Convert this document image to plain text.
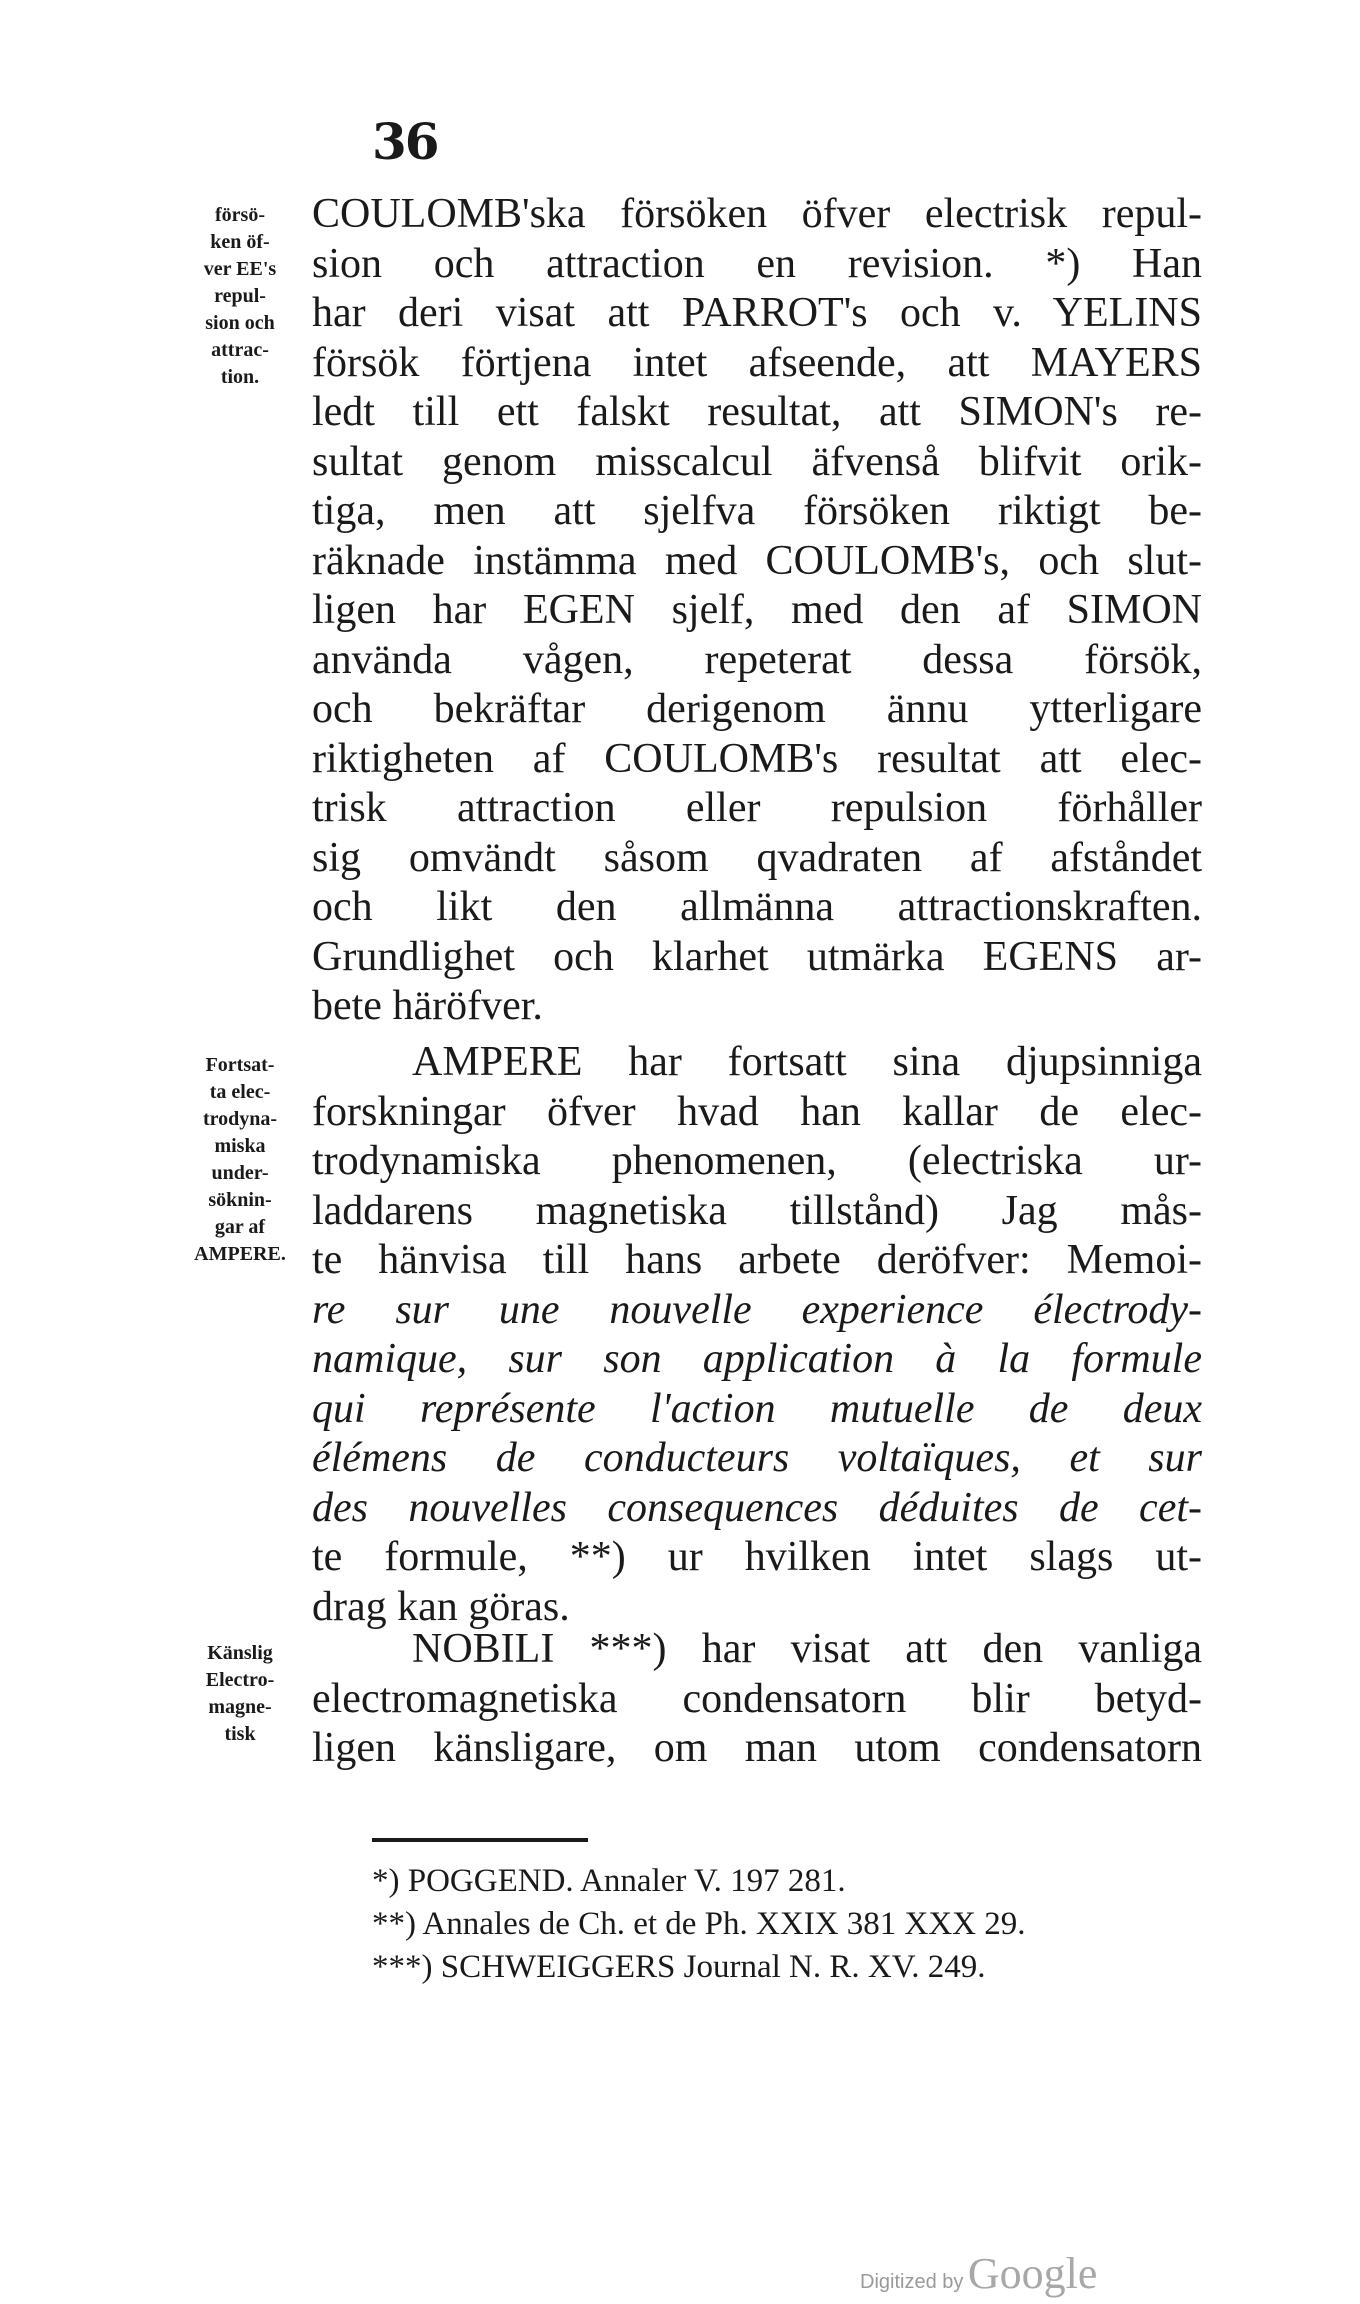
36
försö-
ken öf-
ver EE's
repul-
sion och
attrac-
tion.
Fortsat-
ta elec-
trodyna-
miska
under-
söknin-
gar af
AMPERE.
Känslig
Electro-
magne-
tisk
COULOMB'ska försöken öfver electrisk repul-
sion och attraction en revision. *) Han
har deri visat att PARROT's och v. YELINS
försök förtjena intet afseende, att MAYERS
ledt till ett falskt resultat, att SIMON's re-
sultat genom misscalcul äfvenså blifvit orik-
tiga, men att sjelfva försöken riktigt be-
räknade instämma med COULOMB's, och slut-
ligen har EGEN sjelf, med den af SIMON
använda vågen, repeterat dessa försök,
och bekräftar derigenom ännu ytterligare
riktigheten af COULOMB's resultat att elec-
trisk attraction eller repulsion förhåller
sig omvändt såsom qvadraten af afståndet
och likt den allmänna attractionskraften.
Grundlighet och klarhet utmärka EGENS ar-
bete häröfver.
AMPERE har fortsatt sina djupsinniga
forskningar öfver hvad han kallar de elec-
trodynamiska phenomenen, (electriska ur-
laddarens magnetiska tillstånd) Jag mås-
te hänvisa till hans arbete deröfver: Memoi-
re sur une nouvelle experience électrody-
namique, sur son application à la formule
qui représente l'action mutuelle de deux
élémens de conducteurs voltaïques, et sur
des nouvelles consequences déduites de cet-
te formule, **) ur hvilken intet slags ut-
drag kan göras.
NOBILI ***) har visat att den vanliga
electromagnetiska condensatorn blir betyd-
ligen känsligare, om man utom condensatorn
*) POGGEND. Annaler V. 197 281.
**) Annales de Ch. et de Ph. XXIX 381 XXX 29.
***) SCHWEIGGERS Journal N. R. XV. 249.
Digitized by Google
